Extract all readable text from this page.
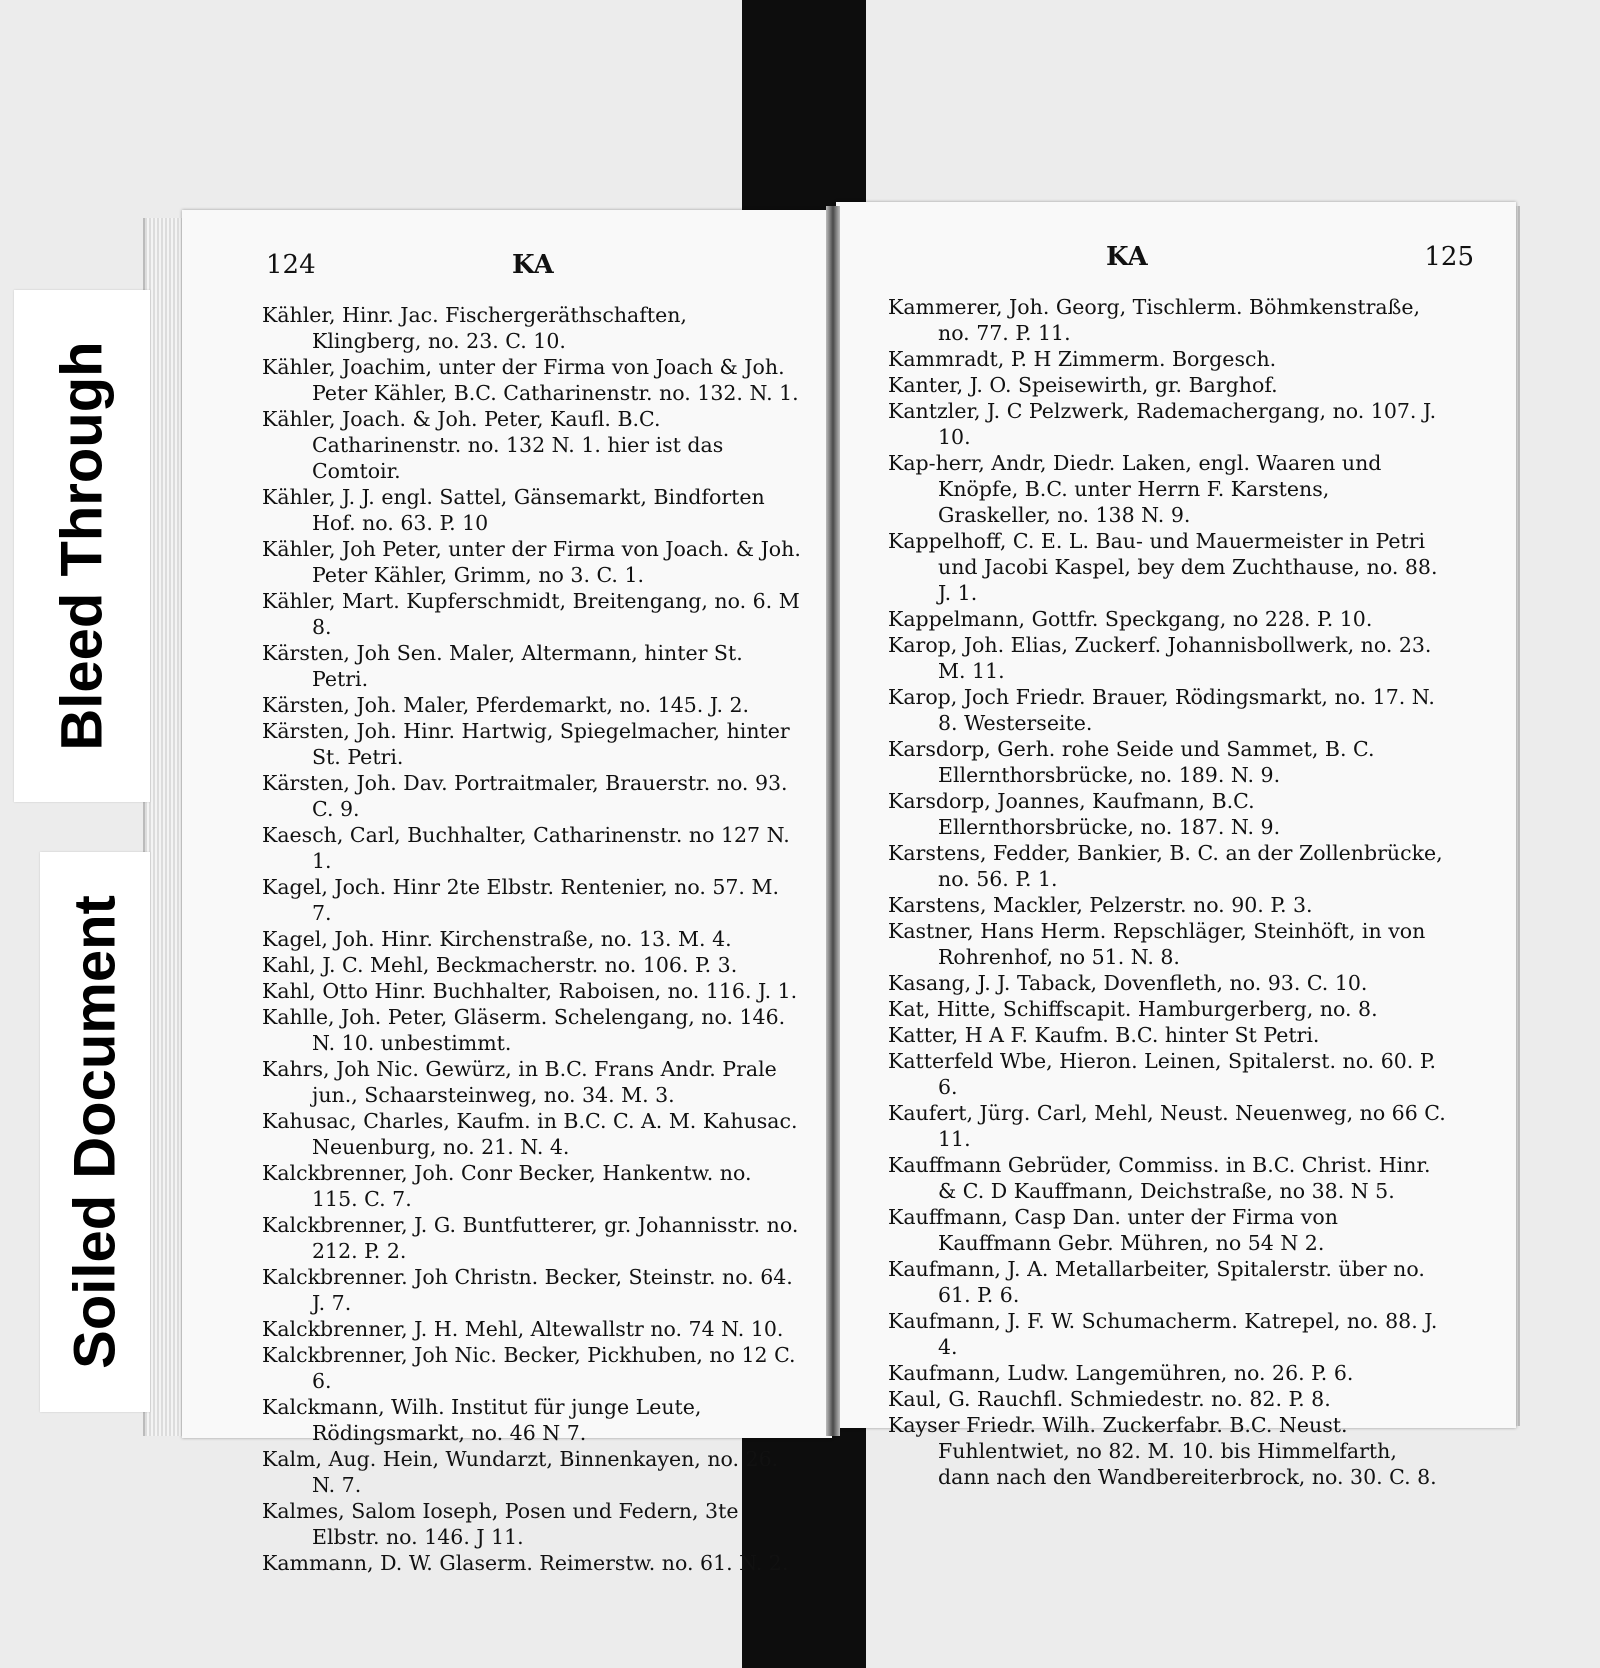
124	KA

Kähler, Hinr. Jac. Fischergeräthschaften, Klingberg, no. 23. C. 10.

Kähler, Joachim, unter der Firma von Joach & Joh. Peter Kähler, B.C. Catharinenstr. no. 132. N. 1.

Kähler, Joach. & Joh. Peter, Kaufl. B.C. Catharinenstr. no. 132 N. 1. hier ist das Comtoir.

Kähler, J. J. engl. Sattel, Gänsemarkt, Bindforten Hof. no. 63. P. 10

Kähler, Joh Peter, unter der Firma von Joach. & Joh. Peter Kähler, Grimm, no 3. C. 1.

Kähler, Mart. Kupferschmidt, Breitengang, no. 6. M 8.

Kärsten, Joh Sen. Maler, Altermann, hinter St. Petri.

Kärsten, Joh. Maler, Pferdemarkt, no. 145. J. 2.

Kärsten, Joh. Hinr. Hartwig, Spiegelmacher, hinter St. Petri.

Kärsten, Joh. Dav. Portraitmaler, Brauerstr. no. 93. C. 9.

Kaesch, Carl, Buchhalter, Catharinenstr. no 127 N. 1.

Kagel, Joch. Hinr 2te Elbstr. Rentenier, no. 57. M. 7.

Kagel, Joh. Hinr. Kirchenstraße, no. 13. M. 4.

Kahl, J. C. Mehl, Beckmacherstr. no. 106. P. 3.

Kahl, Otto Hinr. Buchhalter, Raboisen, no. 116. J. 1.

Kahlle, Joh. Peter, Gläserm. Schelengang, no. 146. N. 10. unbestimmt.

Kahrs, Joh Nic. Gewürz, in B.C. Frans Andr. Prale jun., Schaarsteinweg, no. 34. M. 3.

Kahusac, Charles, Kaufm. in B.C. C. A. M. Kahusac. Neuenburg, no. 21. N. 4.

Kalckbrenner, Joh. Conr Becker, Hankentw. no. 115. C. 7.

Kalckbrenner, J. G. Buntfutterer, gr. Johannisstr. no. 212. P. 2.

Kalckbrenner. Joh Christn. Becker, Steinstr. no. 64. J. 7.

Kalckbrenner, J. H. Mehl, Altewallstr no. 74 N. 10.

Kalckbrenner, Joh Nic. Becker, Pickhuben, no 12 C. 6.

Kalckmann, Wilh. Institut für junge Leute, Rödingsmarkt, no. 46 N 7.

Kalm, Aug. Hein, Wundarzt, Binnenkayen, no. 26. N. 7.

Kalmes, Salom Ioseph, Posen und Federn, 3te Elbstr. no. 146. J 11.

Kammann, D. W. Glaserm. Reimerstw. no. 61. N. 2.

KA	125

Kammerer, Joh. Georg, Tischlerm. Böhmkenstraße, no. 77. P. 11.

Kammradt, P. H Zimmerm. Borgesch.

Kanter, J. O. Speisewirth, gr. Barghof.

Kantzler, J. C Pelzwerk, Rademachergang, no. 107. J. 10.

Kap-herr, Andr, Diedr. Laken, engl. Waaren und Knöpfe, B.C. unter Herrn F. Karstens, Graskeller, no. 138 N. 9.

Kappelhoff, C. E. L. Bau- und Mauermeister in Petri und Jacobi Kaspel, bey dem Zuchthause, no. 88. J. 1.

Kappelmann, Gottfr. Speckgang, no 228. P. 10.

Karop, Joh. Elias, Zuckerf. Johannisbollwerk, no. 23. M. 11.

Karop, Joch Friedr. Brauer, Rödingsmarkt, no. 17. N. 8. Westerseite.

Karsdorp, Gerh. rohe Seide und Sammet, B. C. Ellernthorsbrücke, no. 189. N. 9.

Karsdorp, Joannes, Kaufmann, B.C. Ellernthorsbrücke, no. 187. N. 9.

Karstens, Fedder, Bankier, B. C. an der Zollenbrücke, no. 56. P. 1.

Karstens, Mackler, Pelzerstr. no. 90. P. 3.

Kastner, Hans Herm. Repschläger, Steinhöft, in von Rohrenhof, no 51. N. 8.

Kasang, J. J. Taback, Dovenfleth, no. 93. C. 10.

Kat, Hitte, Schiffscapit. Hamburgerberg, no. 8.

Katter, H A F. Kaufm. B.C. hinter St Petri.

Katterfeld Wbe, Hieron. Leinen, Spitalerst. no. 60. P. 6.

Kaufert, Jürg. Carl, Mehl, Neust. Neuenweg, no 66 C. 11.

Kauffmann Gebrüder, Commiss. in B.C. Christ. Hinr. & C. D Kauffmann, Deichstraße, no 38. N 5.

Kauffmann, Casp Dan. unter der Firma von Kauffmann Gebr. Mühren, no 54 N 2.

Kaufmann, J. A. Metallarbeiter, Spitalerstr. über no. 61. P. 6.

Kaufmann, J. F. W. Schumacherm. Katrepel, no. 88. J. 4.

Kaufmann, Ludw. Langemühren, no. 26. P. 6.

Kaul, G. Rauchfl. Schmiedestr. no. 82. P. 8.

Kayser Friedr. Wilh. Zuckerfabr. B.C. Neust. Fuhlentwiet, no 82. M. 10. bis Himmelfarth, dann nach den Wandbereiterbrock, no. 30. C. 8.

Bleed Through
Soiled Document
